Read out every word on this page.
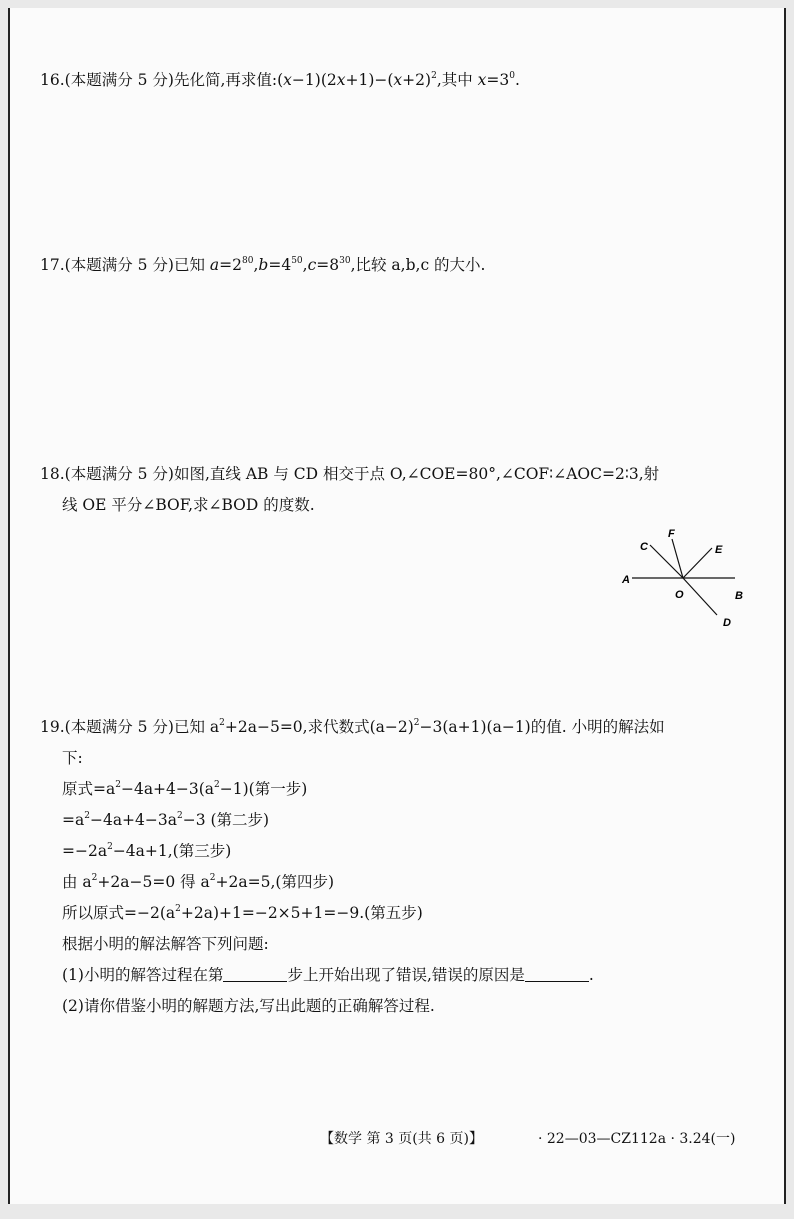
16.(本题满分 5 分)先化简,再求值$:(x-1)(2x+1)-(x+2)^2$,其中 $x=3^0$.
17.(本题满分 5 分)已知 $a=2^{80},b=4^{50},c=8^{30}$,比较 a,b,c 的大小.
18.(本题满分 5 分)如图,直线 AB 与 CD 相交于点 O,∠COE=80°,∠COF∶∠AOC=2∶3,射
线 OE 平分∠BOF,求∠BOD 的度数.
A
B
C
D
E
F
O
19.(本题满分 5 分)已知 $a^2+2a-5=0$,求代数式$(a-2)^2-3(a+1)(a-1)$的值. 小明的解法如
下:
原式$=a^2-4a+4-3(a^2-1)$(第一步)
$=a^2-4a+4-3a^2-3$ (第二步)
$=-2a^2-4a+1$,(第三步)
由 $a^2+2a-5=0$ 得 $a^2+2a=5$,(第四步)
所以原式$=-2(a^2+2a)+1=-2\times 5+1=-9$.(第五步)
根据小明的解法解答下列问题:
(1)小明的解答过程在第	步上开始出现了错误,错误的原因是	.
(2)请你借鉴小明的解题方法,写出此题的正确解答过程.
【数学 第 3 页(共 6 页)】	· 22—03—CZ112a · 3.24(一)
